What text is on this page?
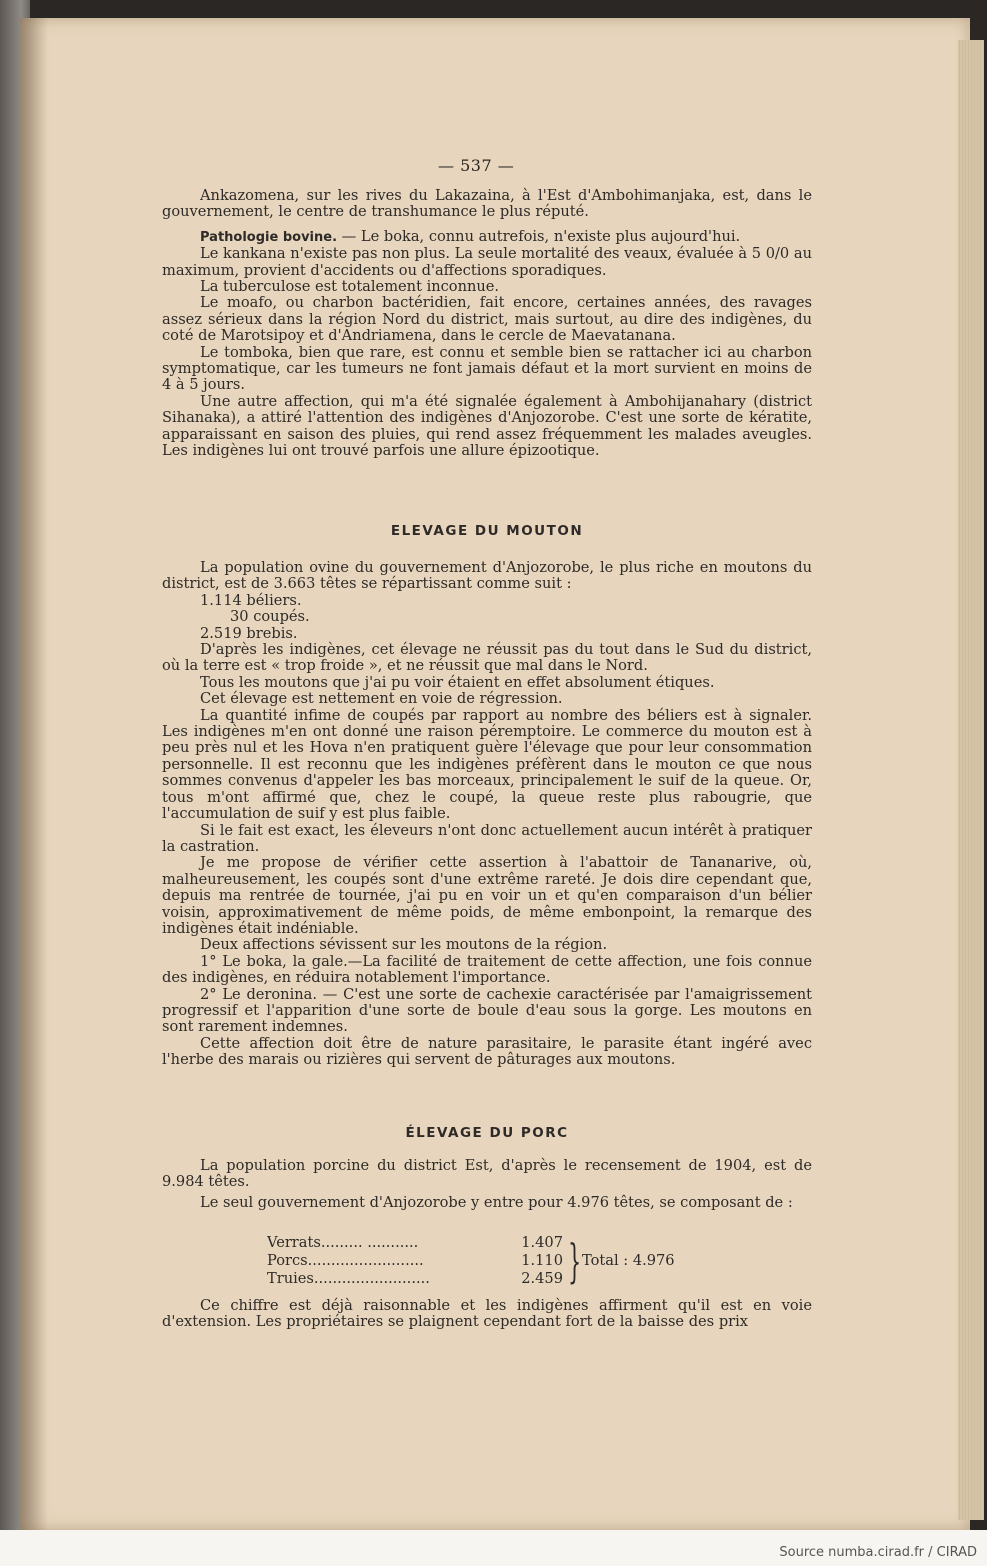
— 537 —

Ankazomena, sur les rives du Lakazaina, à l'Est d'Ambohimanjaka, est, dans le gouvernement, le centre de transhumance le plus réputé.

Pathologie bovine. — Le boka, connu autrefois, n'existe plus aujourd'hui.

Le kankana n'existe pas non plus. La seule mortalité des veaux, évaluée à 5 0/0 au maximum, provient d'accidents ou d'affections sporadiques.

La tuberculose est totalement inconnue.

Le moafo, ou charbon bactéridien, fait encore, certaines années, des ravages assez sérieux dans la région Nord du district, mais surtout, au dire des indigènes, du coté de Marotsipoy et d'Andriamena, dans le cercle de Maevatanana.

Le tomboka, bien que rare, est connu et semble bien se rattacher ici au charbon symptomatique, car les tumeurs ne font jamais défaut et la mort survient en moins de 4 à 5 jours.

Une autre affection, qui m'a été signalée également à Ambohijanahary (district Sihanaka), a attiré l'attention des indigènes d'Anjozorobe. C'est une sorte de kératite, apparaissant en saison des pluies, qui rend assez fréquemment les malades aveugles. Les indigènes lui ont trouvé parfois une allure épizootique.

ELEVAGE DU MOUTON

La population ovine du gouvernement d'Anjozorobe, le plus riche en moutons du district, est de 3.663 têtes se répartissant comme suit :

1.114 béliers.

30 coupés.

2.519 brebis.

D'après les indigènes, cet élevage ne réussit pas du tout dans le Sud du district, où la terre est « trop froide », et ne réussit que mal dans le Nord.

Tous les moutons que j'ai pu voir étaient en effet absolument étiques.

Cet élevage est nettement en voie de régression.

La quantité infime de coupés par rapport au nombre des béliers est à signaler. Les indigènes m'en ont donné une raison péremptoire. Le commerce du mouton est à peu près nul et les Hova n'en pratiquent guère l'élevage que pour leur consommation personnelle. Il est reconnu que les indigènes préfèrent dans le mouton ce que nous sommes convenus d'appeler les bas morceaux, principalement le suif de la queue. Or, tous m'ont affirmé que, chez le coupé, la queue reste plus rabougrie, que l'accumulation de suif y est plus faible.

Si le fait est exact, les éleveurs n'ont donc actuellement aucun intérêt à pratiquer la castration.

Je me propose de vérifier cette assertion à l'abattoir de Tananarive, où, malheureusement, les coupés sont d'une extrême rareté. Je dois dire cependant que, depuis ma rentrée de tournée, j'ai pu en voir un et qu'en comparaison d'un bélier voisin, approximativement de même poids, de même embonpoint, la remarque des indigènes était indéniable.

Deux affections sévissent sur les moutons de la région.

1° Le boka, la gale.—La facilité de traitement de cette affection, une fois connue des indigènes, en réduira notablement l'importance.

2° Le deronina. — C'est une sorte de cachexie caractérisée par l'amaigrissement progressif et l'apparition d'une sorte de boule d'eau sous la gorge. Les moutons en sont rarement indemnes.

Cette affection doit être de nature parasitaire, le parasite étant ingéré avec l'herbe des marais ou rizières qui servent de pâturages aux moutons.

ÉLEVAGE DU PORC

La population porcine du district Est, d'après le recensement de 1904, est de 9.984 têtes.

Le seul gouvernement d'Anjozorobe y entre pour 4.976 têtes, se composant de :

Verrats......... ...........	1.407
Porcs.........................	1.110
Truies.........................	2.459 } Total : 4.976

Ce chiffre est déjà raisonnable et les indigènes affirment qu'il est en voie d'extension. Les propriétaires se plaignent cependant fort de la baisse des prix

Source numba.cirad.fr / CIRAD
